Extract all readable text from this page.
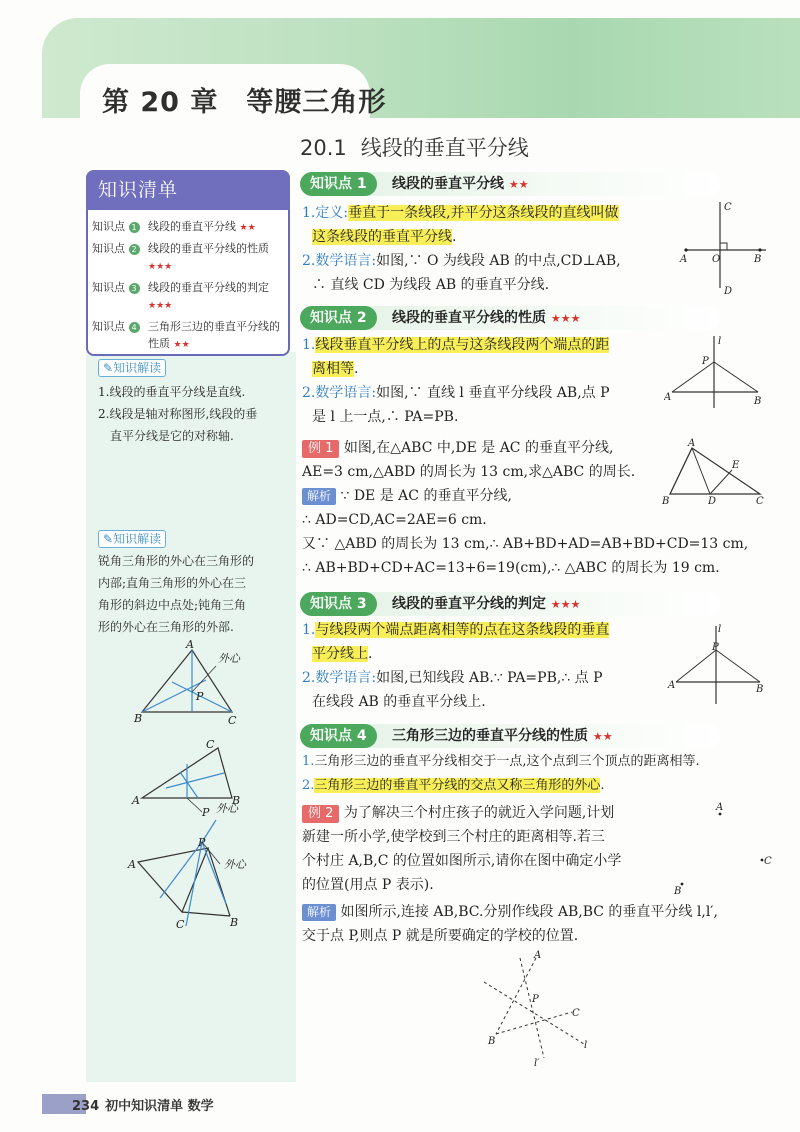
第 20 章 等腰三角形
20.1 线段的垂直平分线
知识清单
知识点 1 线段的垂直平分线 ★★
知识点 2 线段的垂直平分线的性质 ★★★
知识点 3 线段的垂直平分线的判定 ★★★
知识点 4 三角形三边的垂直平分线的性质 ★★
✎知识解读
1.线段的垂直平分线是直线.
2.线段是轴对称图形,线段的垂
直平分线是它的对称轴.
✎知识解读
锐角三角形的外心在三角形的
内部;直角三角形的外心在三
角形的斜边中点处;钝角三角
形的外心在三角形的外部.
A
B	C
P
外心
C
A	B
P 外心
A
P
外心
C	B
知识点 1	线段的垂直平分线 ★★
1.定义:垂直于一条线段,并平分这条线段的直线叫做
这条线段的垂直平分线.
2.数学语言:如图,∵ O 为线段 AB 的中点,CD⊥AB,
∴ 直线 CD 为线段 AB 的垂直平分线.
A O	B
C
D
知识点 2	线段的垂直平分线的性质 ★★★
1.线段垂直平分线上的点与这条线段两个端点的距
离相等.
2.数学语言:如图,∵ 直线 l 垂直平分线段 AB,点 P
是 l 上一点,∴ PA=PB.
l
A	B
P
例 1 如图,在△ABC 中,DE 是 AC 的垂直平分线,
AE=3 cm,△ABD 的周长为 13 cm,求△ABC 的周长.
解析 ∵ DE 是 AC 的垂直平分线,
∴ AD=CD,AC=2AE=6 cm.
又∵ △ABD 的周长为 13 cm,∴ AB+BD+AD=AB+BD+CD=13 cm,
∴ AB+BD+CD+AC=13+6=19(cm),∴ △ABC 的周长为 19 cm.
A
B	C
D
E
知识点 3	线段的垂直平分线的判定 ★★★
1.与线段两个端点距离相等的点在这条线段的垂直
平分线上.
2.数学语言:如图,已知线段 AB.∵ PA=PB,∴ 点 P
在线段 AB 的垂直平分线上.
l
A	B
P
知识点 4	三角形三边的垂直平分线的性质 ★★
1.三角形三边的垂直平分线相交于一点,这个点到三个顶点的距离相等.
2.三角形三边的垂直平分线的交点又称三角形的外心.
例 2 为了解决三个村庄孩子的就近入学问题,计划
新建一所小学,使学校到三个村庄的距离相等.若三
个村庄 A,B,C 的位置如图所示,请你在图中确定小学
的位置(用点 P 表示).
A
C
B
解析 如图所示,连接 AB,BC.分别作线段 AB,BC 的垂直平分线 l,l′,
交于点 P,则点 P 就是所要确定的学校的位置.
A
B
C
P
l
l′
234 初中知识清单 数学
